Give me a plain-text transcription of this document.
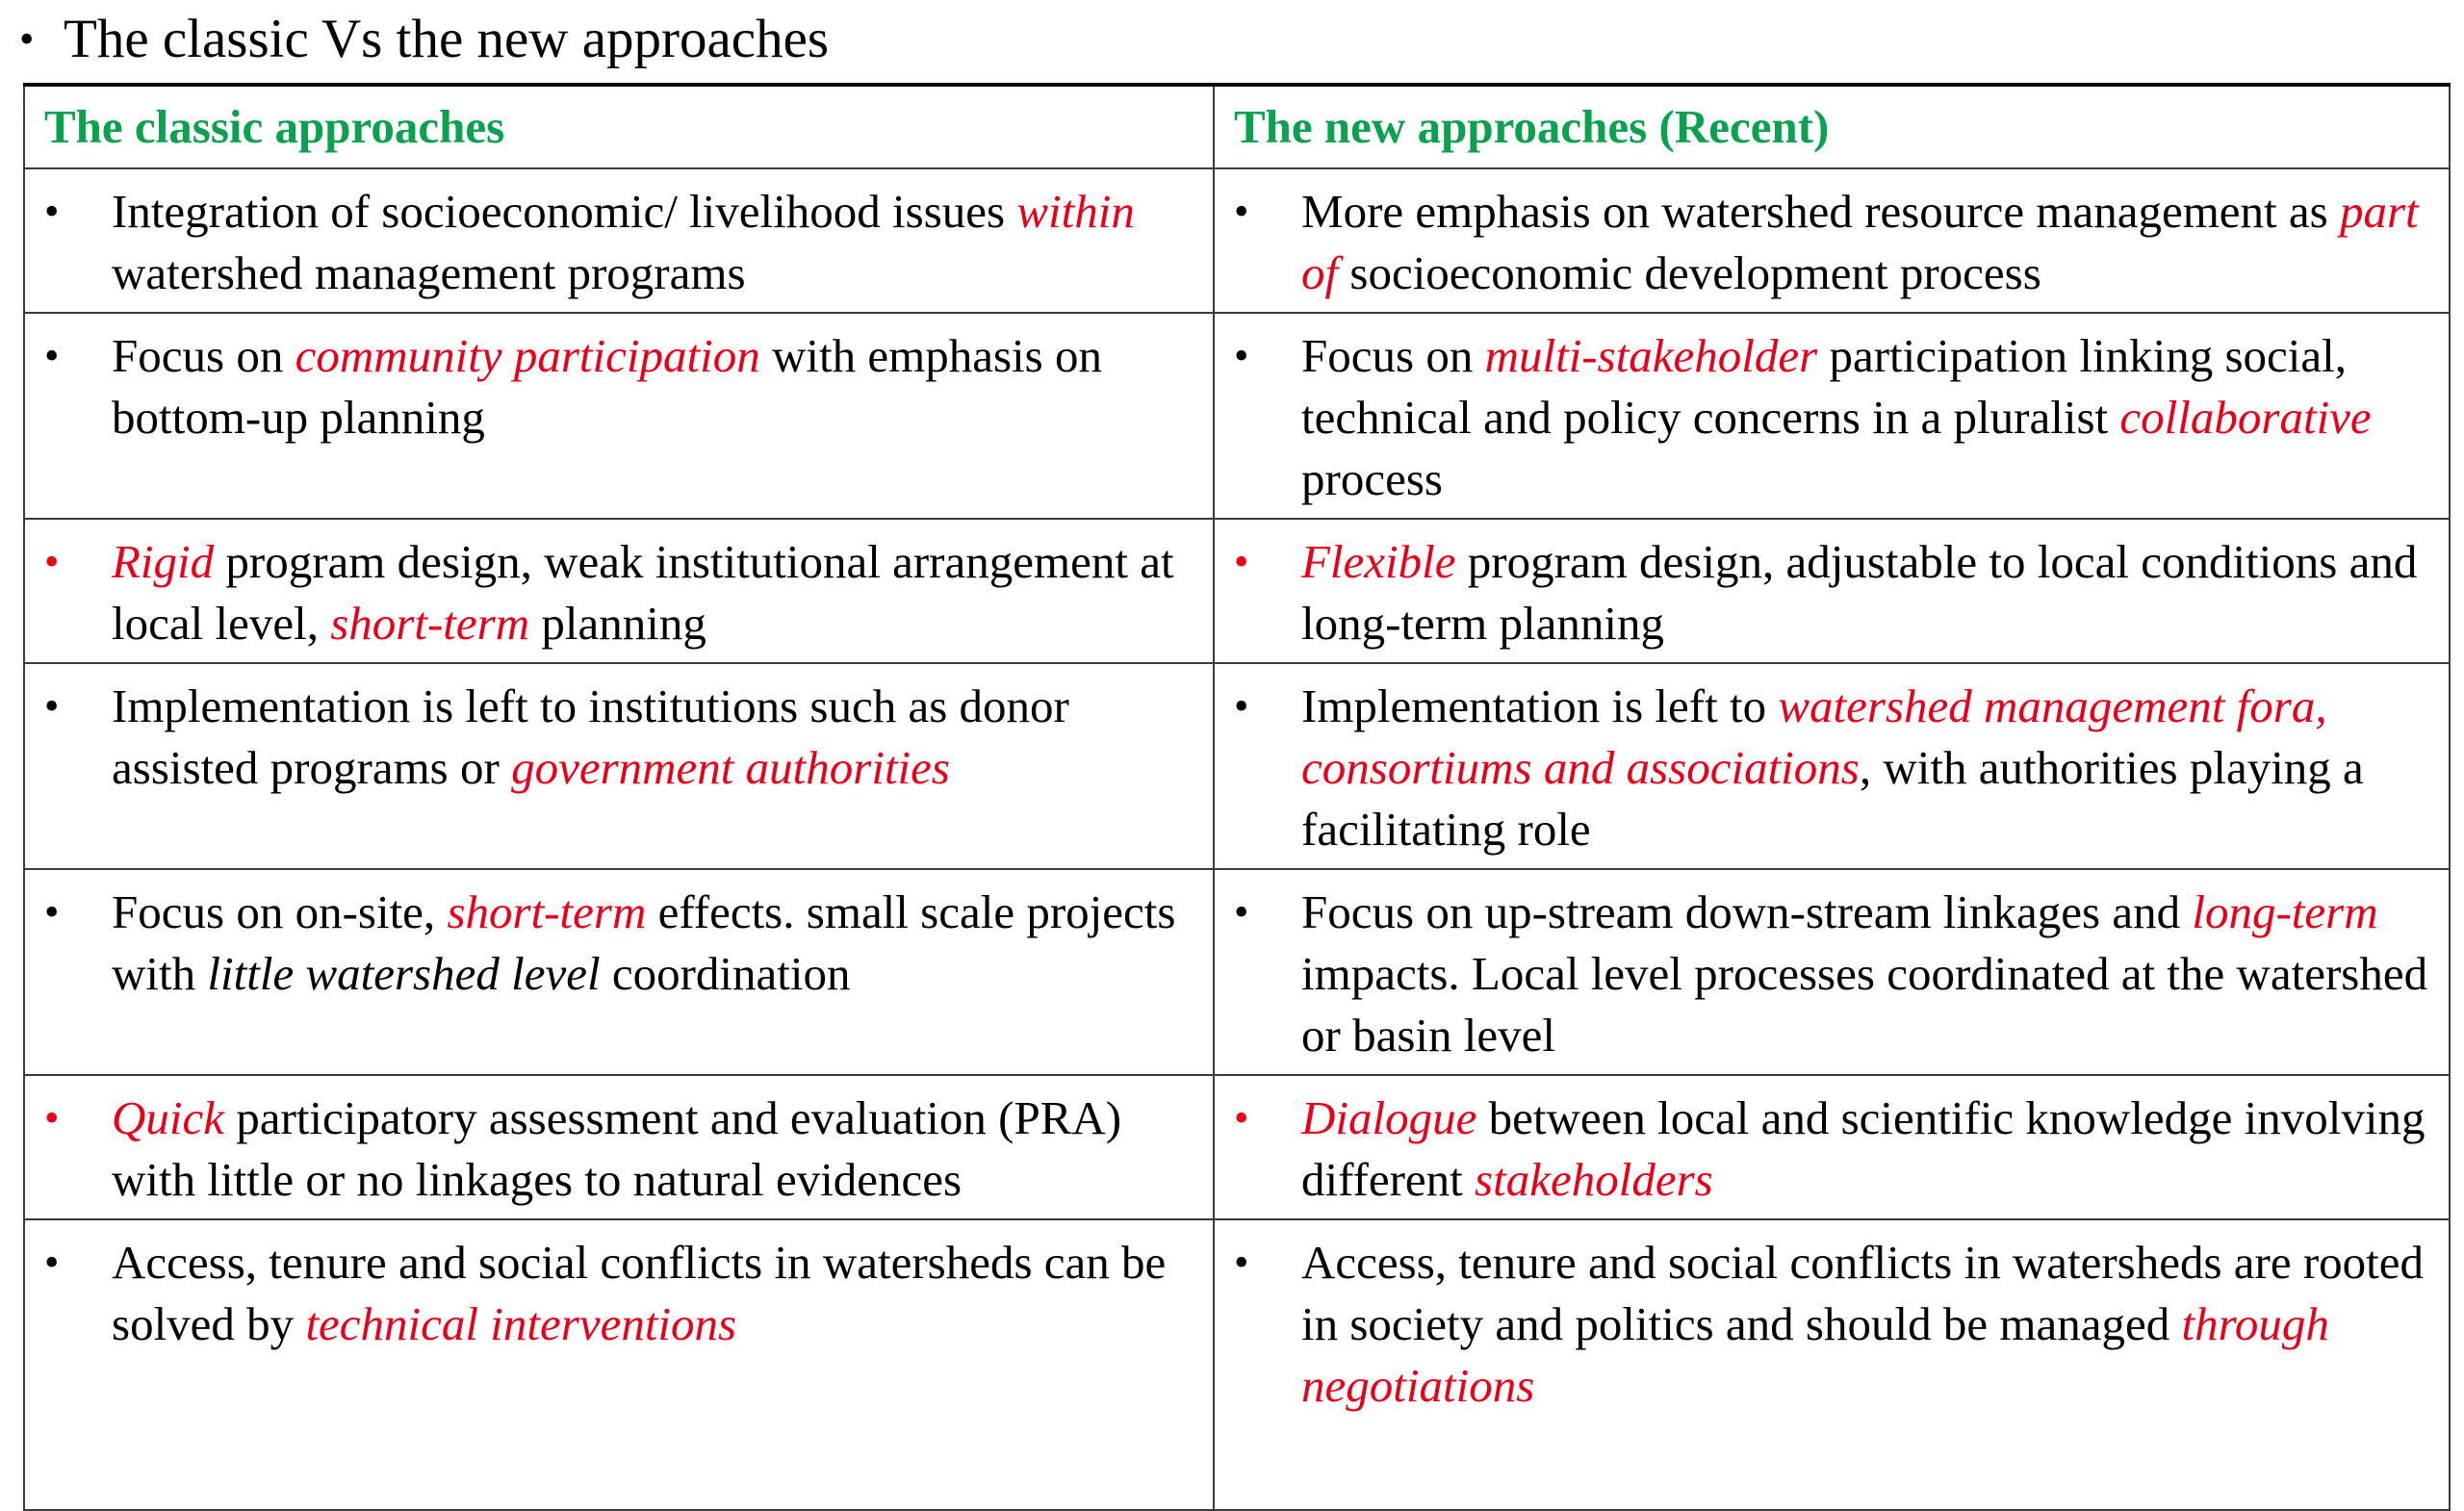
• The classic Vs the new approaches
The classic approaches	The new approaches (Recent)

• Integration of socioeconomic/ livelihood issues within watershed management programs	• More emphasis on watershed resource management as part of socioeconomic development process

• Focus on community participation with emphasis on bottom-up planning	• Focus on multi-stakeholder participation linking social, technical and policy concerns in a pluralist collaborative process

• Rigid program design, weak institutional arrangement at local level, short-term planning	• Flexible program design, adjustable to local conditions and long-term planning

• Implementation is left to institutions such as donor assisted programs or government authorities	• Implementation is left to watershed management fora, consortiums and associations, with authorities playing a facilitating role

• Focus on on-site, short-term effects. small scale projects with little watershed level coordination	• Focus on up-stream down-stream linkages and long-term impacts. Local level processes coordinated at the watershed or basin level

• Quick participatory assessment and evaluation (PRA) with little or no linkages to natural evidences	• Dialogue between local and scientific knowledge involving different stakeholders

• Access, tenure and social conflicts in watersheds can be solved by technical interventions	• Access, tenure and social conflicts in watersheds are rooted in society and politics and should be managed through negotiations
